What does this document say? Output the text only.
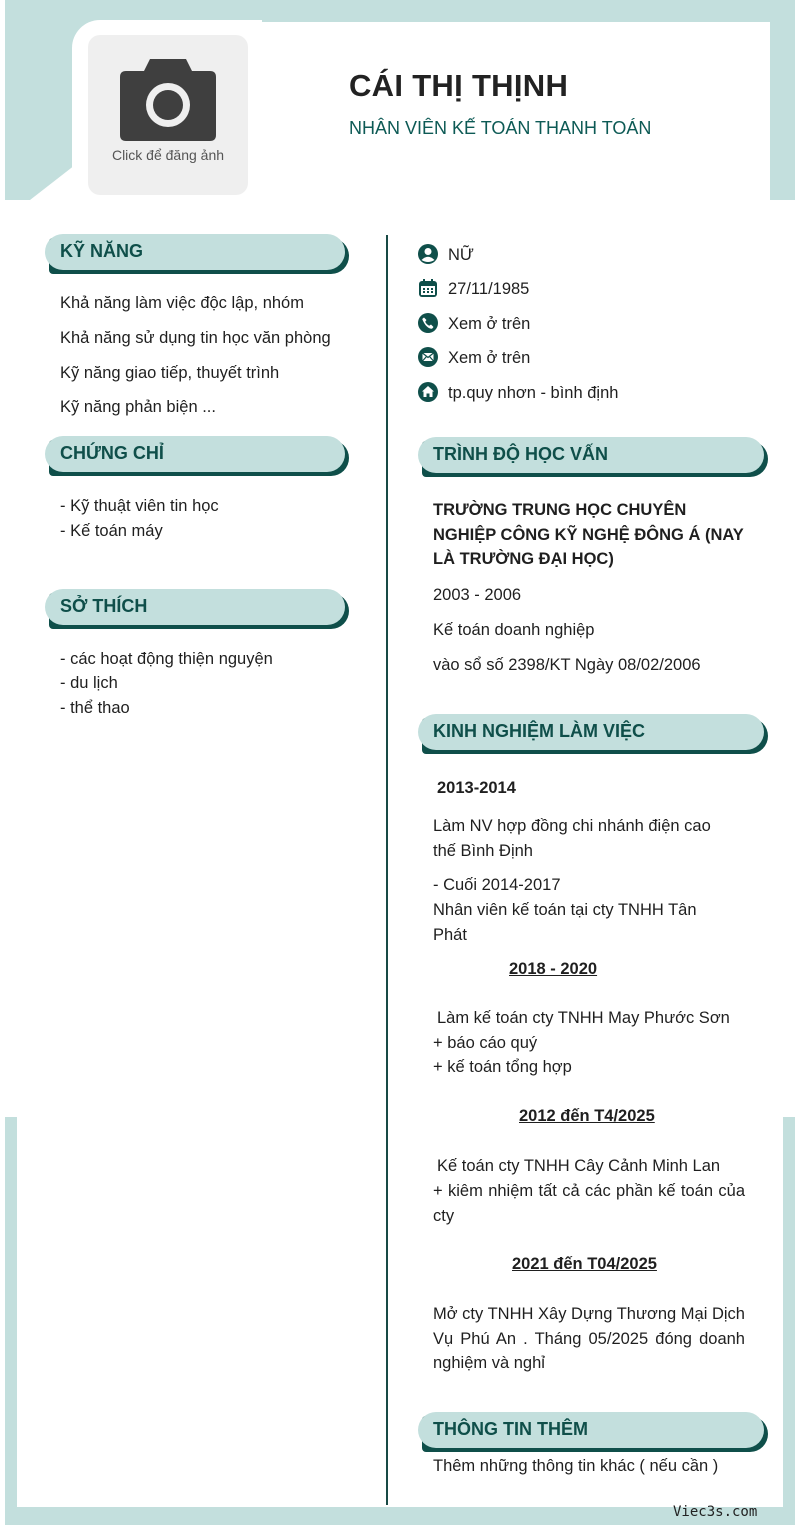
Click để đăng ảnh
CÁI THỊ THỊNH
NHÂN VIÊN KẾ TOÁN THANH TOÁN
KỸ NĂNG
Khả năng làm việc độc lập, nhóm
Khả năng sử dụng tin học văn phòng
Kỹ năng giao tiếp, thuyết trình
Kỹ năng phản biện ...
CHỨNG CHỈ
- Kỹ thuật viên tin học
- Kế toán máy
SỞ THÍCH
- các hoạt động thiện nguyện
- du lịch
- thể thao
NỮ
27/11/1985
Xem ở trên
Xem ở trên
tp.quy nhơn - bình định
TRÌNH ĐỘ HỌC VẤN
TRƯỜNG TRUNG HỌC CHUYÊN NGHIỆP CÔNG KỸ NGHỆ ĐÔNG Á (NAY LÀ TRƯỜNG ĐẠI HỌC)
2003 - 2006
Kế toán doanh nghiệp
vào sổ số 2398/KT Ngày 08/02/2006
KINH NGHIỆM LÀM VIỆC
2013-2014
Làm NV hợp đồng chi nhánh điện cao thế Bình Định
- Cuối 2014-2017
Nhân viên kế toán tại cty TNHH Tân Phát
2018 - 2020
Làm kế toán cty TNHH May Phước Sơn
+ báo cáo quý
+ kế toán tổng hợp
2012 đến T4/2025
Kế toán cty TNHH Cây Cảnh Minh Lan
+ kiêm nhiệm tất cả các phần kế toán của cty
2021 đến T04/2025
Mở cty TNHH Xây Dựng Thương Mại Dịch Vụ Phú An . Tháng 05/2025 đóng doanh nghiệm và nghỉ
THÔNG TIN THÊM
Thêm những thông tin khác ( nếu cần )
Viec3s.com
